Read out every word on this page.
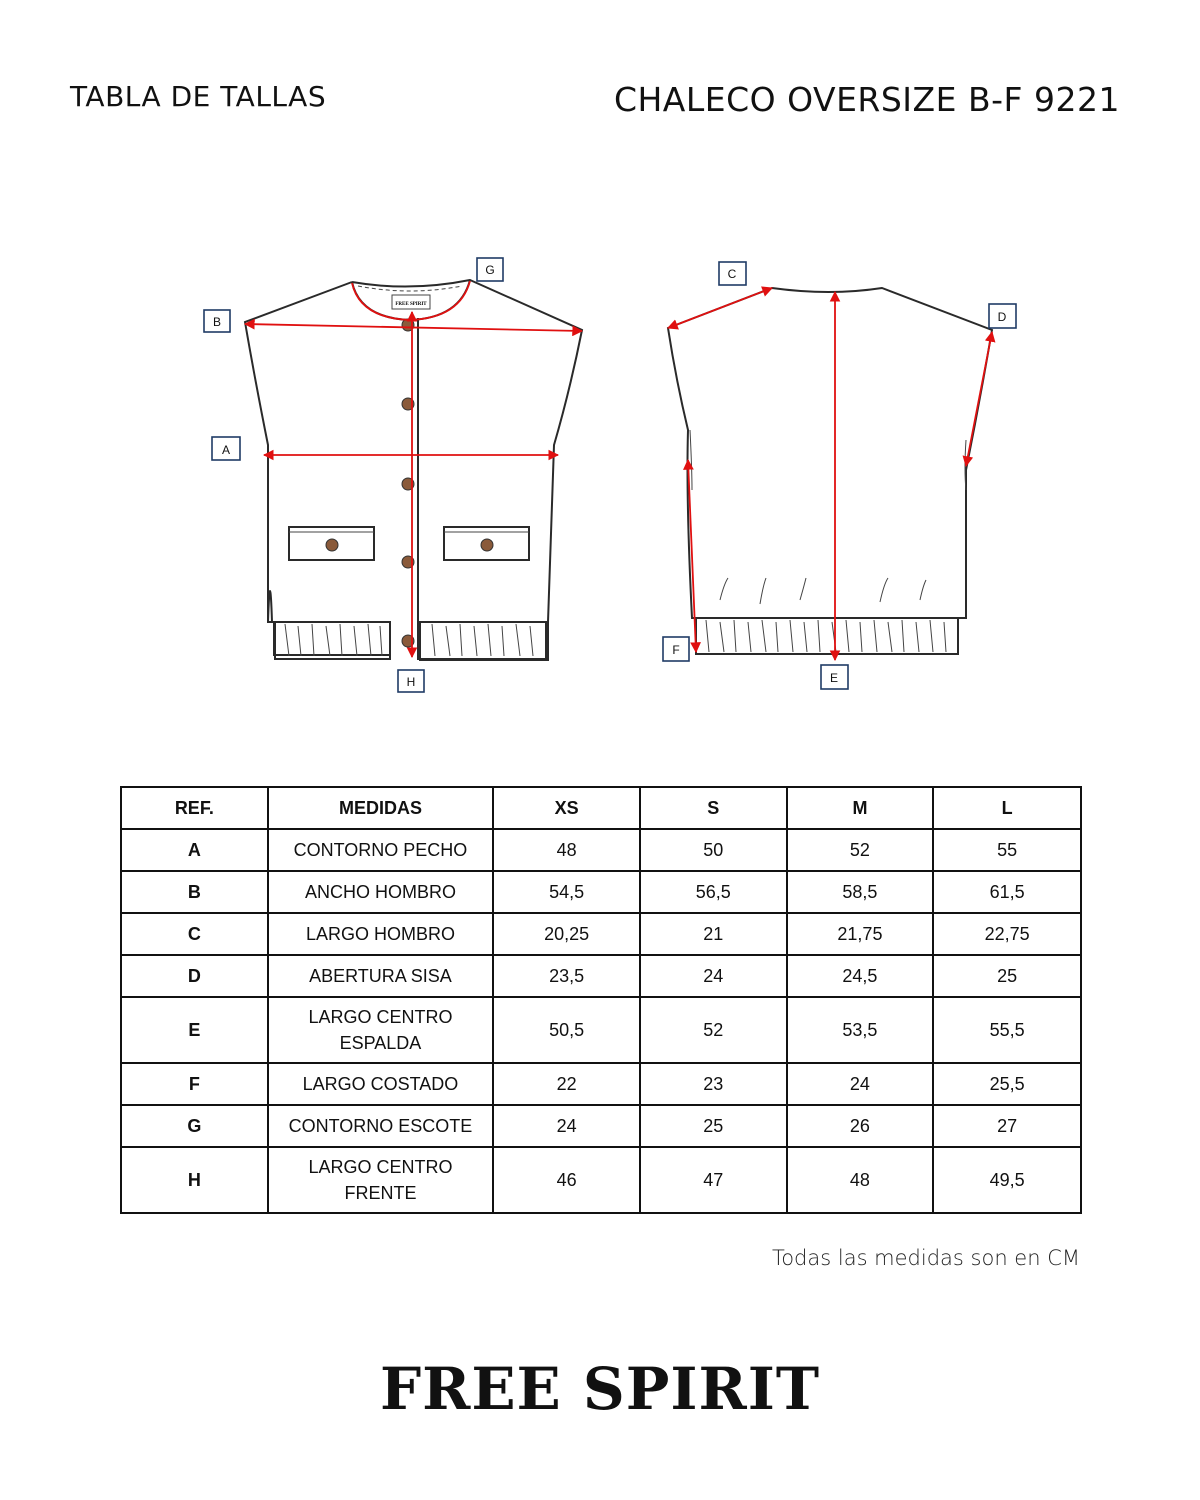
TABLA DE TALLAS	CHALECO OVERSIZE B-F 9221
FREE SPIRIT
B
G
A
H
C
D
F
E
REF.	MEDIDAS	XS	S	M	L
A	CONTORNO PECHO	48	50	52	55
B	ANCHO HOMBRO	54,5	56,5	58,5	61,5
C	LARGO HOMBRO	20,25	21	21,75	22,75
D	ABERTURA SISA	23,5	24	24,5	25
E	LARGO CENTRO
ESPALDA	50,5	52	53,5	55,5
F	LARGO COSTADO	22	23	24	25,5
G	CONTORNO ESCOTE	24	25	26	27
H	LARGO CENTRO
FRENTE	46	47	48	49,5
Todas las medidas son en CM
FREE SPIRIT
